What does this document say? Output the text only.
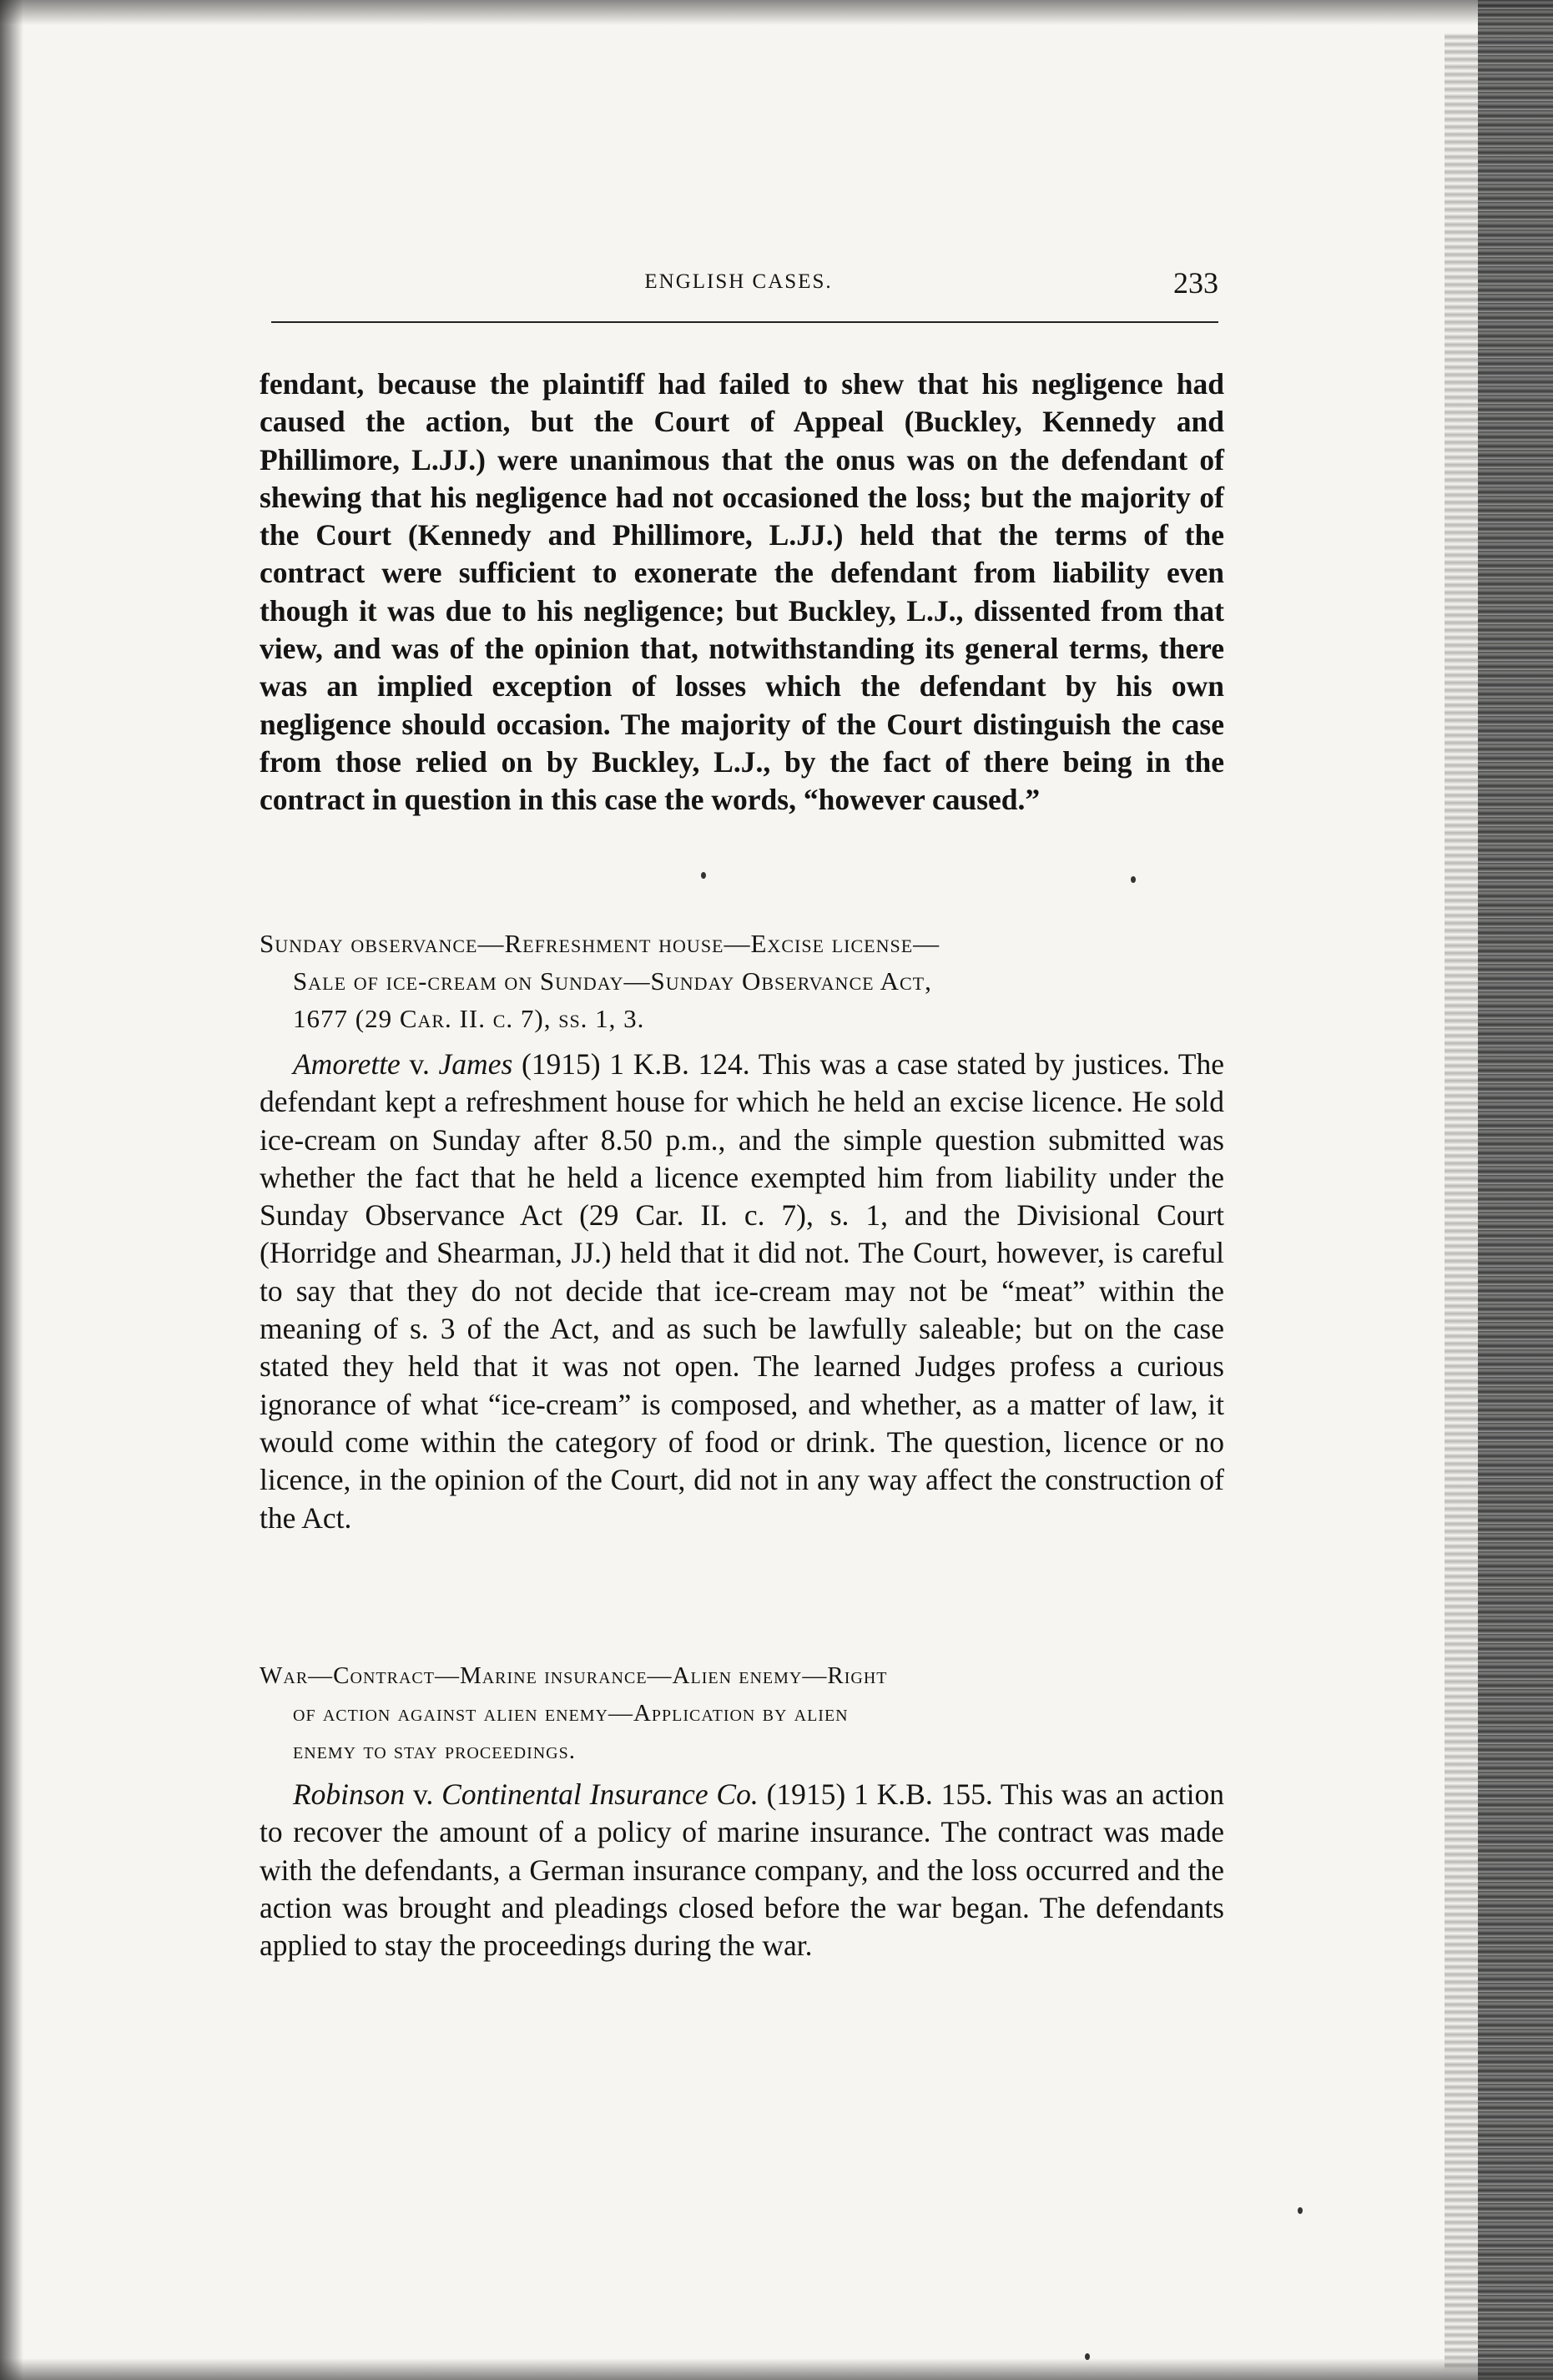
ENGLISH CASES.	233
fendant, because the plaintiff had failed to shew that his negligence had caused the action, but the Court of Appeal (Buckley, Kennedy and Phillimore, L.JJ.) were unanimous that the onus was on the defendant of shewing that his negligence had not occasioned the loss; but the majority of the Court (Kennedy and Phillimore, L.JJ.) held that the terms of the contract were sufficient to exonerate the defendant from liability even though it was due to his negligence; but Buckley, L.J., dissented from that view, and was of the opinion that, notwithstanding its general terms, there was an implied exception of losses which the defendant by his own negligence should occasion. The majority of the Court distinguish the case from those relied on by Buckley, L.J., by the fact of there being in the contract in question in this case the words, “however caused.”
Sunday observance—Refreshment house—Excise license—
Sale of ice-cream on Sunday—Sunday Observance Act,
1677 (29 Car. II. c. 7), ss. 1, 3.
Amorette v. James (1915) 1 K.B. 124. This was a case stated by justices. The defendant kept a refreshment house for which he held an excise licence. He sold ice-cream on Sunday after 8.50 p.m., and the simple question submitted was whether the fact that he held a licence exempted him from liability under the Sunday Observance Act (29 Car. II. c. 7), s. 1, and the Divisional Court (Horridge and Shearman, JJ.) held that it did not. The Court, however, is careful to say that they do not decide that ice-cream may not be “meat” within the meaning of s. 3 of the Act, and as such be lawfully saleable; but on the case stated they held that it was not open. The learned Judges profess a curious ignorance of what “ice-cream” is composed, and whether, as a matter of law, it would come within the category of food or drink. The question, licence or no licence, in the opinion of the Court, did not in any way affect the construction of the Act.
War—Contract—Marine insurance—Alien enemy—Right
of action against alien enemy—Application by alien
enemy to stay proceedings.
Robinson v. Continental Insurance Co. (1915) 1 K.B. 155. This was an action to recover the amount of a policy of marine insurance. The contract was made with the defendants, a German insurance company, and the loss occurred and the action was brought and pleadings closed before the war began. The defendants applied to stay the proceedings during the war.
